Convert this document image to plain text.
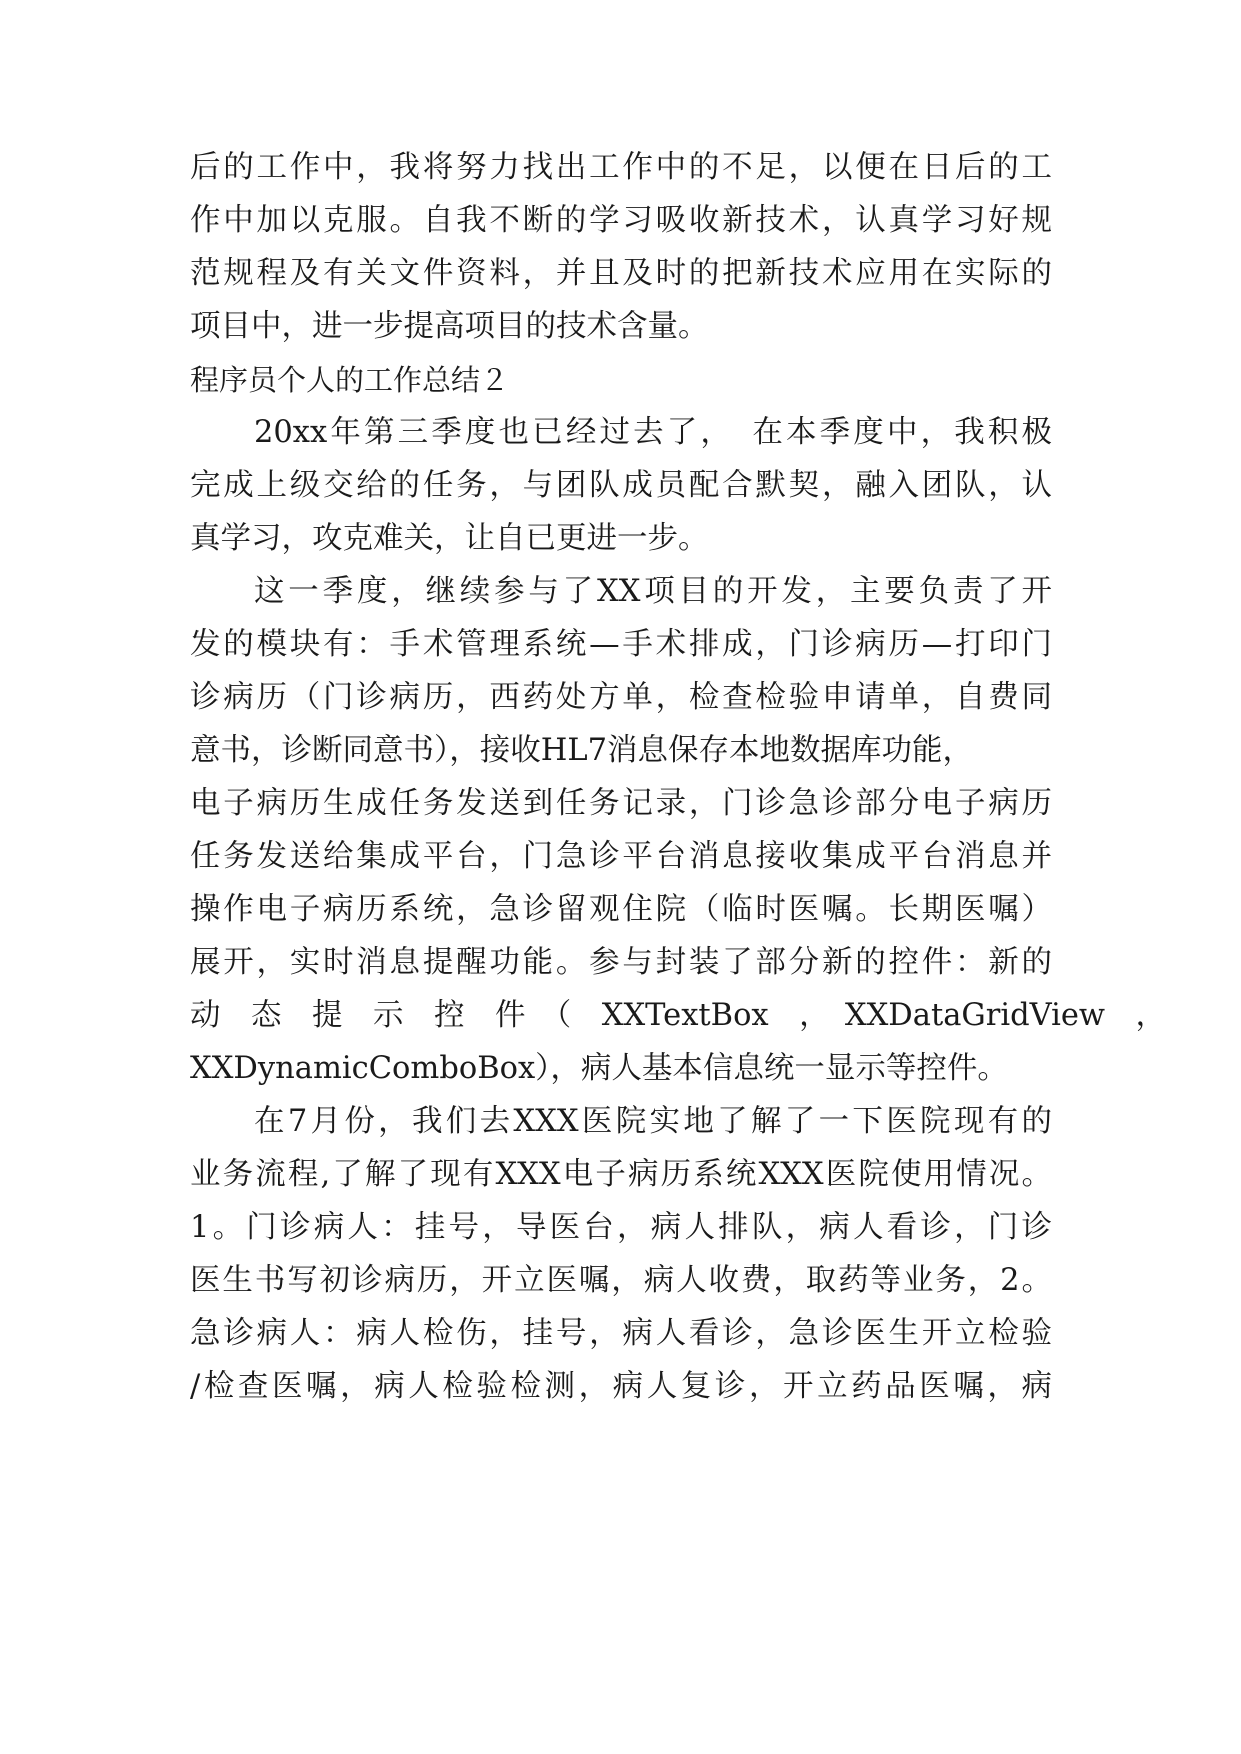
后的工作中，我将努力找出工作中的不足，以便在日后的工
作中加以克服。自我不断的学习吸收新技术，认真学习好规
范规程及有关文件资料，并且及时的把新技术应用在实际的
项目中，进一步提高项目的技术含量。
程序员个人的工作总结２
20xx年第三季度也已经过去了，　在本季度中，我积极
完成上级交给的任务，与团队成员配合默契，融入团队，认
真学习，攻克难关，让自已更进一步。
这一季度，继续参与了XX项目的开发，主要负责了开
发的模块有：手术管理系统—手术排成，门诊病历—打印门
诊病历（门诊病历，西药处方单，检查检验申请单，自费同
意书，诊断同意书），接收HL7消息保存本地数据库功能，
电子病历生成任务发送到任务记录，门诊急诊部分电子病历
任务发送给集成平台，门急诊平台消息接收集成平台消息并
操作电子病历系统，急诊留观住院（临时医嘱。长期医嘱）
展开，实时消息提醒功能。参与封装了部分新的控件：新的
动　态　提　示　控　件　（　XXTextBox　，　XXDataGridView　，
XXDynamicComboBox），病人基本信息统一显示等控件。
在7月份，我们去XXX医院实地了解了一下医院现有的
业务流程,了解了现有XXX电子病历系统XXX医院使用情况。
1。门诊病人：挂号，导医台，病人排队，病人看诊，门诊
医生书写初诊病历，开立医嘱，病人收费，取药等业务，2。
急诊病人：病人检伤，挂号，病人看诊，急诊医生开立检验
/检查医嘱，病人检验检测，病人复诊，开立药品医嘱，病
